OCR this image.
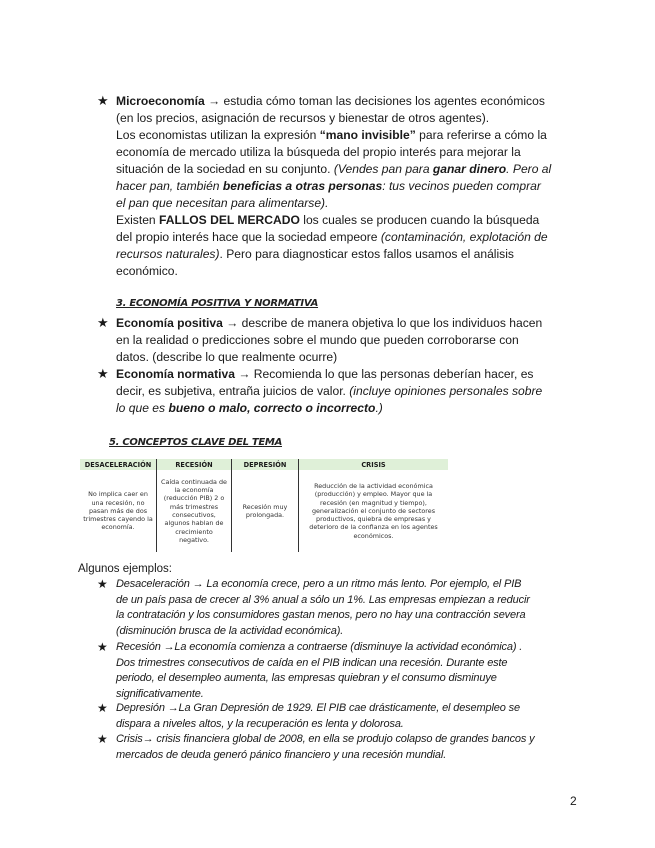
★ Microeconomía → estudia cómo toman las decisiones los agentes económicos
(en los precios, asignación de recursos y bienestar de otros agentes).
Los economistas utilizan la expresión “mano invisible” para referirse a cómo la
economía de mercado utiliza la búsqueda del propio interés para mejorar la
situación de la sociedad en su conjunto. (Vendes pan para ganar dinero. Pero al
hacer pan, también beneficias a otras personas: tus vecinos pueden comprar
el pan que necesitan para alimentarse).
Existen FALLOS DEL MERCADO los cuales se producen cuando la búsqueda
del propio interés hace que la sociedad empeore (contaminación, explotación de
recursos naturales). Pero para diagnosticar estos fallos usamos el análisis
económico.
3. ECONOMÍA POSITIVA Y NORMATIVA
★ Economía positiva → describe de manera objetiva lo que los individuos hacen
en la realidad o predicciones sobre el mundo que pueden corroborarse con
datos. (describe lo que realmente ocurre)
★ Economía normativa → Recomienda lo que las personas deberían hacer, es
decir, es subjetiva, entraña juicios de valor. (incluye opiniones personales sobre
lo que es bueno o malo, correcto o incorrecto.)
5. CONCEPTOS CLAVE DEL TEMA
DESACELERACIÓN	RECESIÓN	DEPRESIÓN	CRISIS
No implica caer en una recesión, no pasan más de dos trimestres cayendo la economía.	Caída continuada de la economía (reducción PIB) 2 o más trimestres consecutivos, algunos hablan de crecimiento negativo.	Recesión muy prolongada.	Reducción de la actividad económica (producción) y empleo. Mayor que la recesión (en magnitud y tiempo), generalización el conjunto de sectores productivos, quiebra de empresas y deterioro de la confianza en los agentes económicos.
Algunos ejemplos:
★ Desaceleración → La economía crece, pero a un ritmo más lento. Por ejemplo, el PIB
de un país pasa de crecer al 3% anual a sólo un 1%. Las empresas empiezan a reducir
la contratación y los consumidores gastan menos, pero no hay una contracción severa
(disminución brusca de la actividad económica).
★ Recesión →La economía comienza a contraerse (disminuye la actividad económica) .
Dos trimestres consecutivos de caída en el PIB indican una recesión. Durante este
periodo, el desempleo aumenta, las empresas quiebran y el consumo disminuye
significativamente.
★ Depresión →La Gran Depresión de 1929. El PIB cae drásticamente, el desempleo se
dispara a niveles altos, y la recuperación es lenta y dolorosa.
★ Crisis→ crisis financiera global de 2008, en ella se produjo colapso de grandes bancos y
mercados de deuda generó pánico financiero y una recesión mundial.
2
